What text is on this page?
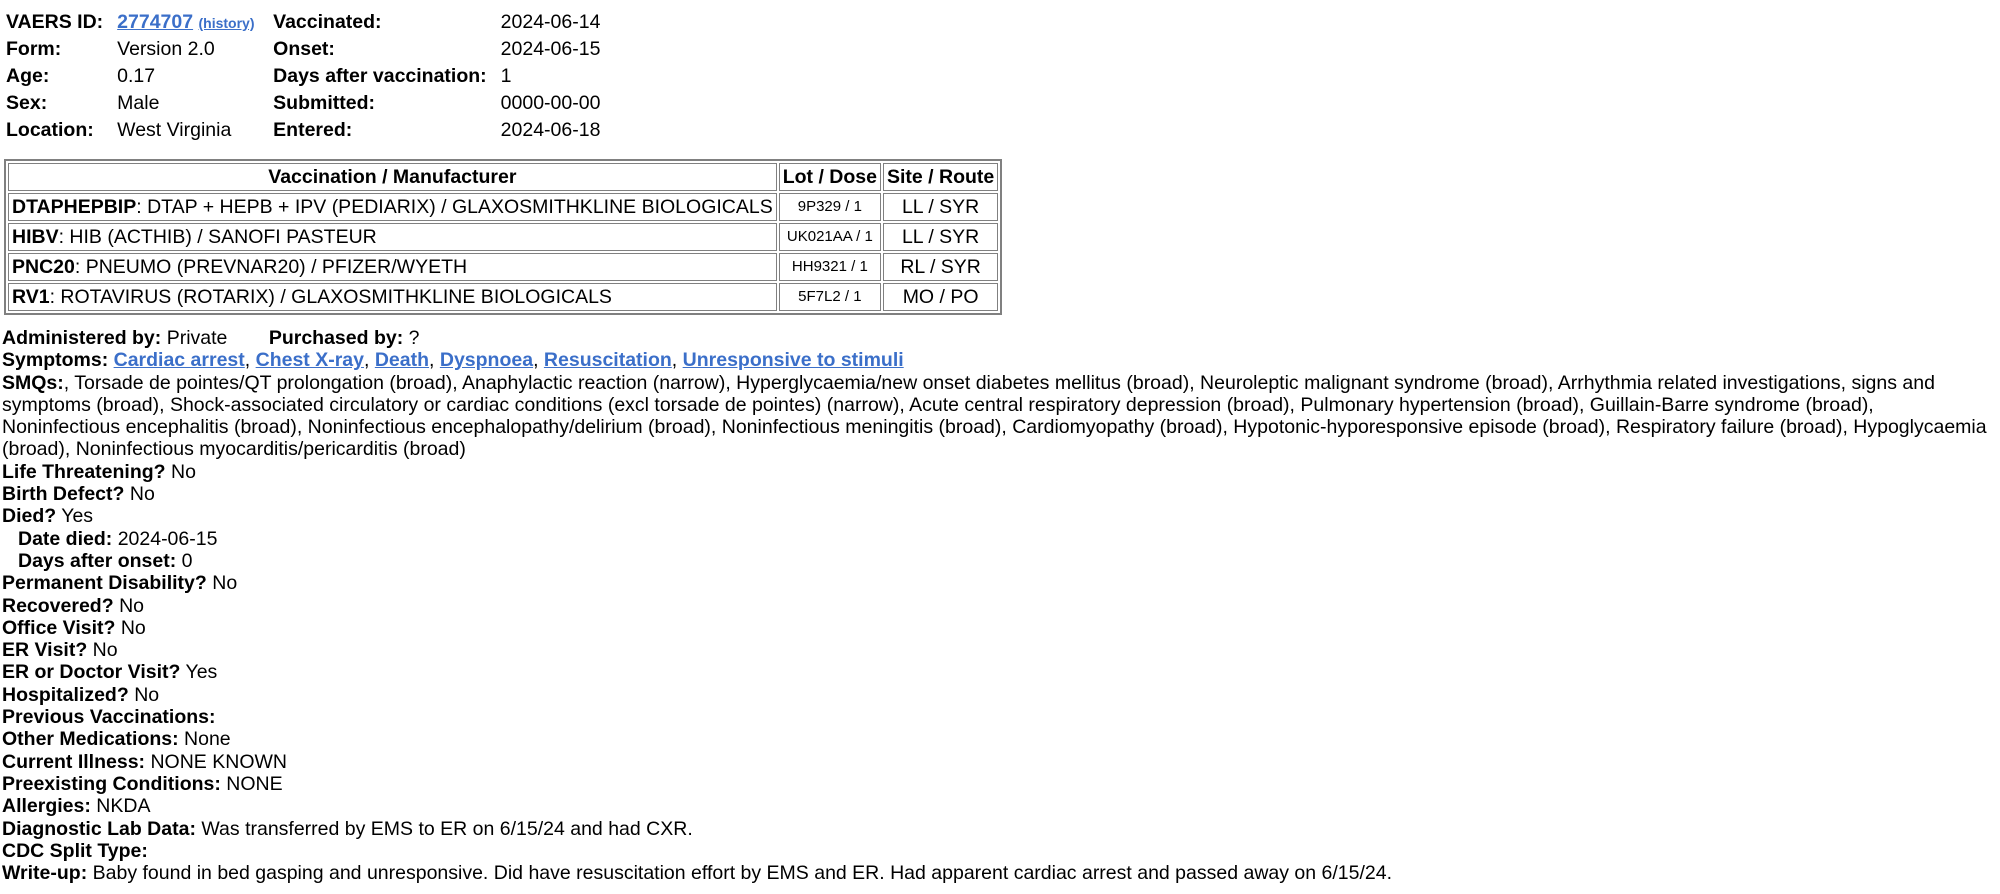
VAERS ID:	2774707 (history)	Vaccinated:	2024-06-14
Form:	Version 2.0	Onset:	2024-06-15
Age:	0.17	Days after vaccination:	1
Sex:	Male	Submitted:	0000-00-00
Location:	West Virginia	Entered:	2024-06-18
Vaccination / Manufacturer	Lot / Dose	Site / Route
DTAPHEPBIP: DTAP + HEPB + IPV (PEDIARIX) / GLAXOSMITHKLINE BIOLOGICALS	9P329 / 1	LL / SYR
HIBV: HIB (ACTHIB) / SANOFI PASTEUR	UK021AA / 1	LL / SYR
PNC20: PNEUMO (PREVNAR20) / PFIZER/WYETH	HH9321 / 1	RL / SYR
RV1: ROTAVIRUS (ROTARIX) / GLAXOSMITHKLINE BIOLOGICALS	5F7L2 / 1	MO / PO
Administered by: Private Purchased by: ?
Symptoms: Cardiac arrest, Chest X-ray, Death, Dyspnoea, Resuscitation, Unresponsive to stimuli
SMQs:, Torsade de pointes/QT prolongation (broad), Anaphylactic reaction (narrow), Hyperglycaemia/new onset diabetes mellitus (broad), Neuroleptic malignant syndrome (broad), Arrhythmia related investigations, signs and symptoms (broad), Shock-associated circulatory or cardiac conditions (excl torsade de pointes) (narrow), Acute central respiratory depression (broad), Pulmonary hypertension (broad), Guillain-Barre syndrome (broad), Noninfectious encephalitis (broad), Noninfectious encephalopathy/delirium (broad), Noninfectious meningitis (broad), Cardiomyopathy (broad), Hypotonic-hyporesponsive episode (broad), Respiratory failure (broad), Hypoglycaemia (broad), Noninfectious myocarditis/pericarditis (broad)
Life Threatening? No
Birth Defect? No
Died? Yes
Date died: 2024-06-15
Days after onset: 0
Permanent Disability? No
Recovered? No
Office Visit? No
ER Visit? No
ER or Doctor Visit? Yes
Hospitalized? No
Previous Vaccinations:
Other Medications: None
Current Illness: NONE KNOWN
Preexisting Conditions: NONE
Allergies: NKDA
Diagnostic Lab Data: Was transferred by EMS to ER on 6/15/24 and had CXR.
CDC Split Type:
Write-up: Baby found in bed gasping and unresponsive. Did have resuscitation effort by EMS and ER. Had apparent cardiac arrest and passed away on 6/15/24.
